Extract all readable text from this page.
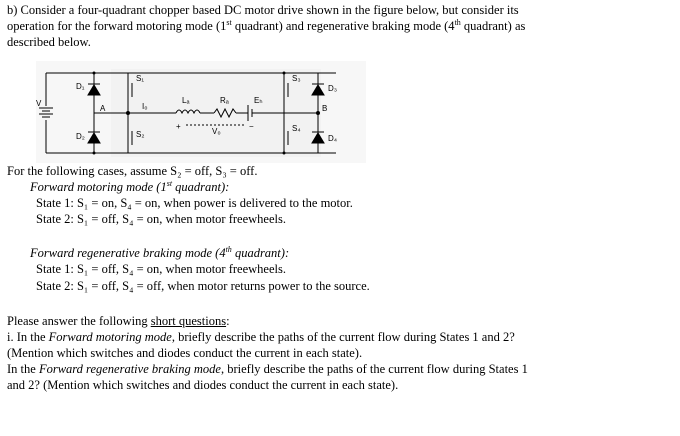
b) Consider a four-quadrant chopper based DC motor drive shown in the figure below, but consider its
operation for the forward motoring mode (1st quadrant) and regenerative braking mode (4th quadrant) as
described below.
D₁
D₂
D₃
D₄
S₁
S₂
S₃
S₄
V
A	B
I₀
Lₐ	Rₐ	Eₕ
V₀
+	−
For the following cases, assume S₂ = off, S₃ = off.
Forward motoring mode (1st quadrant):
State 1: S₁ = on, S₄ = on, when power is delivered to the motor.
State 2: S₁ = off, S₄ = on, when motor freewheels.
Forward regenerative braking mode (4th quadrant):
State 1: S₁ = off, S₄ = on, when motor freewheels.
State 2: S₁ = off, S₄ = off, when motor returns power to the source.
Please answer the following short questions:
i. In the Forward motoring mode, briefly describe the paths of the current flow during States 1 and 2?
(Mention which switches and diodes conduct the current in each state).
In the Forward regenerative braking mode, briefly describe the paths of the current flow during States 1
and 2? (Mention which switches and diodes conduct the current in each state).
